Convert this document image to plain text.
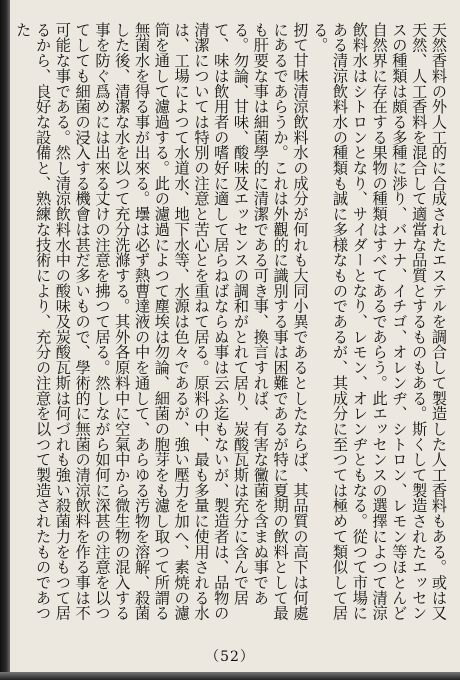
天然香料の外人工的に合成されたエステルを調合して製造した人工香料もある。或は又天然、人工香料を混合して適當な品質とするものもある。斯くして製造されたエッセンスの種類は頗る多種に渉り、バナナ、イチゴ、オレンヂ、シトロン、レモン等ほとんど自然界に存在する果物の種類はすべてあるであらう。此エッセンスの選擇によつて清涼飲料水はシトロンとなり、サイダーとなり、レモン、オレンヂともなる。從つて市場にある清涼飲料水の種類も誠に多様なものであるが、其成分に至つては極めて類似して居る。

扨て甘味清涼飲料水の成分が何れも大同小異であるとしたならば、其品質の高下は何處にあるであらうか。これは外觀的に識別する事は困難であるが特に夏期の飲料として最も肝要な事は細菌學的に清潔である可き事、換言すれば、有害な黴菌を含まぬ事である。勿論、甘味、酸味及エッセンスの調和がとれて居り、炭酸瓦斯は充分に含んで居て、味は飲用者の嗜好に適して居らねばならぬ事は云ふ迄もないが、製造者は、品物の清潔については特別の注意と苦心とを重ねて居る。原料の中、最も多量に使用される水は、工場によつて水道水、地下水等、水源は色々であるが、強い壓力を加へ、素焼の濾筒を通して濾過する。此の濾過によつて塵埃は勿論、細菌の胞芽をも濾し取つて所謂る無菌水を得る事が出來る。壜は必ず熱曹達液の中を通して、あらゆる汚物を溶解、殺菌した後、清潔な水を以つて充分洗滌する。其外各原料中に空氣中から微生物の混入する事を防ぐ爲めには出來る丈けの注意を拂つて居る。然しながら如何に深甚の注意を以つてしても細菌の浸入する機會は甚だ多いもので、學術的に無菌の清涼飲料を作る事は不可能な事である。然し清涼飲料水中の酸味及炭酸瓦斯は何づれも強い殺菌力をもつて居るから、良好な設備と、熟練な技術により、充分の注意を以つて製造されたものであつた

（52）
